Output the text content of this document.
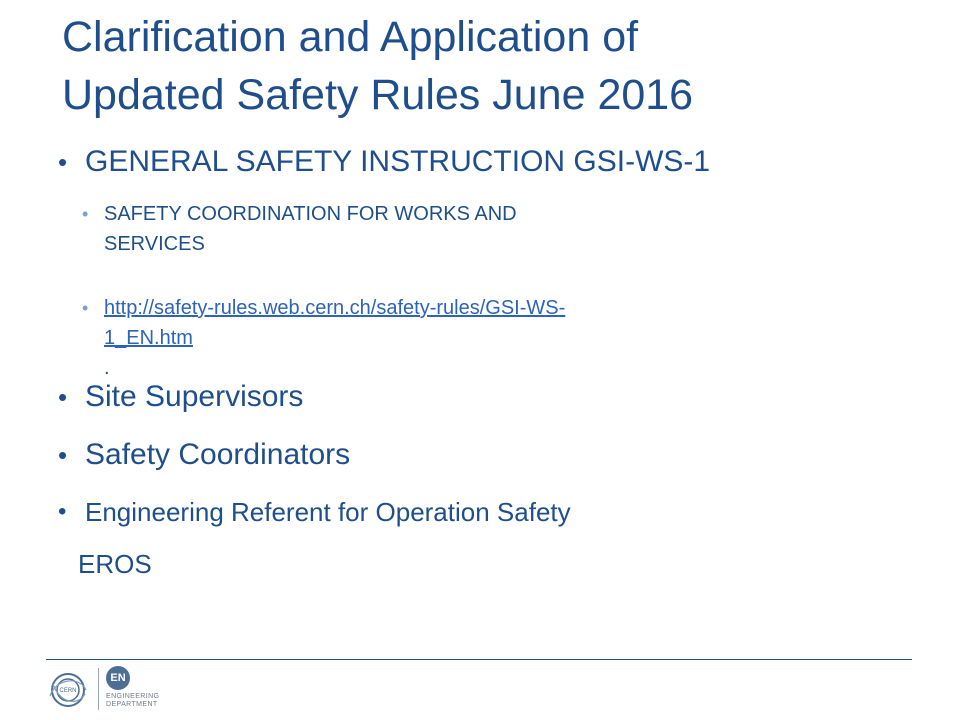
Clarification and Application of
Updated Safety Rules June 2016
• GENERAL SAFETY INSTRUCTION GSI-WS-1
• SAFETY COORDINATION FOR WORKS AND
SERVICES
• http://safety-rules.web.cern.ch/safety-rules/GSI-WS-
1_EN.htm
.
• Site Supervisors
• Safety Coordinators
• Engineering Referent for Operation Safety
EROS
CERN
EN
ENGINEERING
DEPARTMENT
